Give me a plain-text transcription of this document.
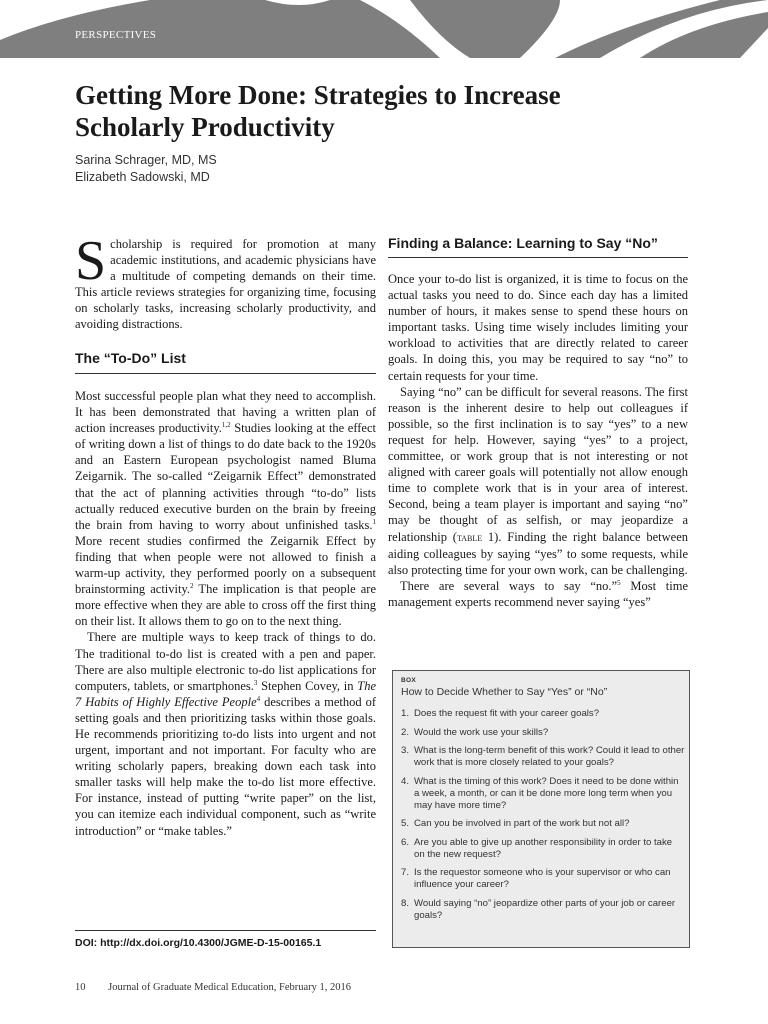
PERSPECTIVES
Getting More Done: Strategies to Increase
Scholarly Productivity
Sarina Schrager, MD, MS
Elizabeth Sadowski, MD

Scholarship is required for promotion at many academic institutions, and academic physicians have a multitude of competing demands on their time. This article reviews strategies for organizing time, focusing on scholarly tasks, increasing scholarly productivity, and avoiding distractions.

The “To-Do” List

Most successful people plan what they need to accomplish. It has been demonstrated that having a written plan of action increases productivity.$^{1,2}$ Studies looking at the effect of writing down a list of things to do date back to the 1920s and an Eastern European psychologist named Bluma Zeigarnik. The so-called “Zeigarnik Effect” demonstrated that the act of planning activities through “to-do” lists actually reduced executive burden on the brain by freeing the brain from having to worry about unfinished tasks.$^1$ More recent studies confirmed the Zeigarnik Effect by finding that when people were not allowed to finish a warm-up activity, they performed poorly on a subsequent brainstorming activity.$^2$ The implication is that people are more effective when they are able to cross off the first thing on their list. It allows them to go on to the next thing.

There are multiple ways to keep track of things to do. The traditional to-do list is created with a pen and paper. There are also multiple electronic to-do list applications for computers, tablets, or smartphones.$^3$ Stephen Covey, in The 7 Habits of Highly Effective People$^4$ describes a method of setting goals and then prioritizing tasks within those goals. He recommends prioritizing to-do lists into urgent and not urgent, important and not important. For faculty who are writing scholarly papers, breaking down each task into smaller tasks will help make the to-do list more effective. For instance, instead of putting “write paper” on the list, you can itemize each individual component, such as “write introduction” or “make tables.”

Finding a Balance: Learning to Say “No”

Once your to-do list is organized, it is time to focus on the actual tasks you need to do. Since each day has a limited number of hours, it makes sense to spend these hours on important tasks. Using time wisely includes limiting your workload to activities that are directly related to career goals. In doing this, you may be required to say “no” to certain requests for your time.

Saying “no” can be difficult for several reasons. The first reason is the inherent desire to help out colleagues if possible, so the first inclination is to say “yes” to a new request for help. However, saying “yes” to a project, committee, or work group that is not interesting or not aligned with career goals will potentially not allow enough time to complete work that is in your area of interest. Second, being a team player is important and saying “no” may be thought of as selfish, or may jeopardize a relationship (table 1). Finding the right balance between aiding colleagues by saying “yes” to some requests, while also protecting time for your own work, can be challenging.

There are several ways to say “no.”$^5$ Most time management experts recommend never saying “yes”

BOX
How to Decide Whether to Say “Yes” or “No”
1. Does the request fit with your career goals?
2. Would the work use your skills?
3. What is the long-term benefit of this work? Could it lead to other work that is more closely related to your goals?
4. What is the timing of this work? Does it need to be done within a week, a month, or can it be done more long term when you may have more time?
5. Can you be involved in part of the work but not all?
6. Are you able to give up another responsibility in order to take on the new request?
7. Is the requestor someone who is your supervisor or who can influence your career?
8. Would saying “no” jeopardize other parts of your job or career goals?
DOI: http://dx.doi.org/10.4300/JGME-D-15-00165.1
10 Journal of Graduate Medical Education, February 1, 2016
